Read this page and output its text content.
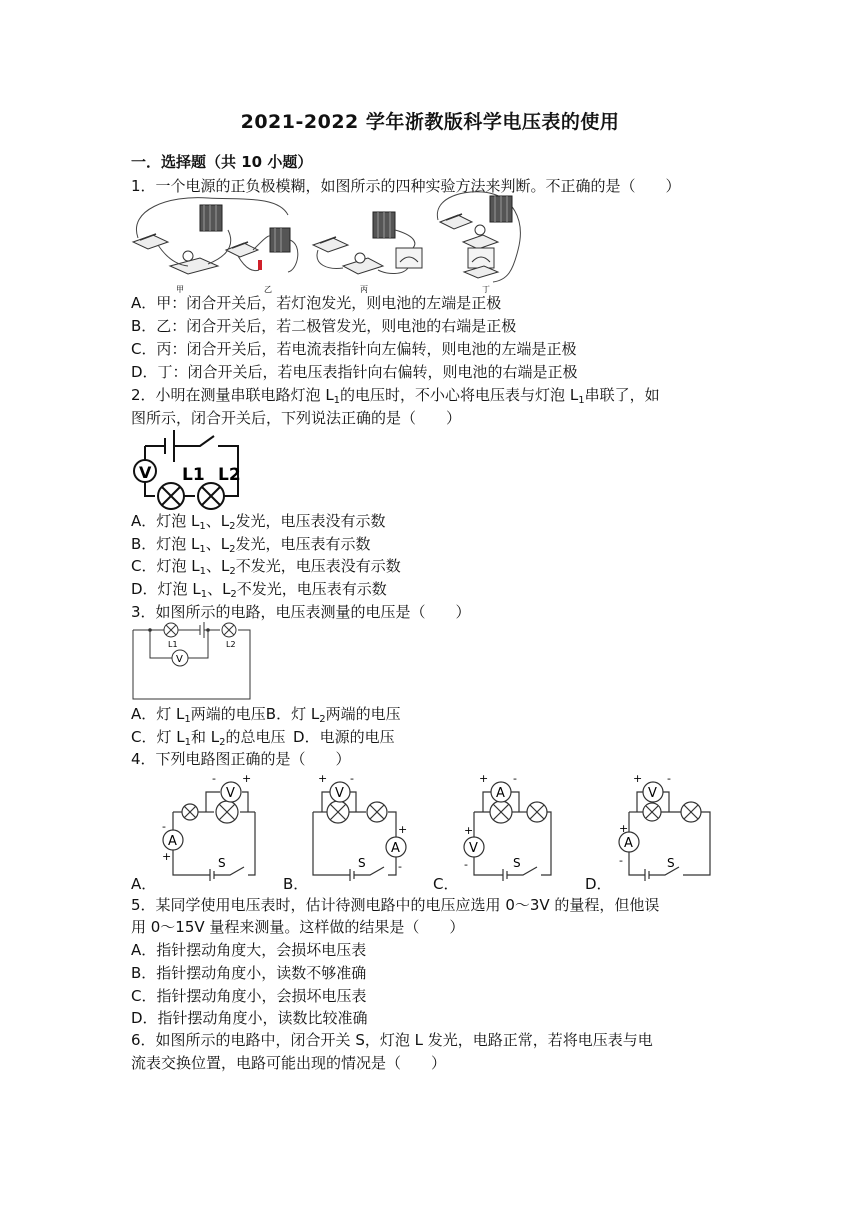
2021-2022 学年浙教版科学电压表的使用
一．选择题（共 10 小题）
1．一个电源的正负极模糊，如图所示的四种实验方法来判断。不正确的是（　　）
甲	乙	丙	丁
A．甲：闭合开关后，若灯泡发光，则电池的左端是正极
B．乙：闭合开关后，若二极管发光，则电池的右端是正极
C．丙：闭合开关后，若电流表指针向左偏转，则电池的左端是正极
D．丁：闭合开关后，若电压表指针向右偏转，则电池的右端是正极
2．小明在测量串联电路灯泡 $L_1$的电压时，不小心将电压表与灯泡 $L_1$串联了，如
图所示，闭合开关后，下列说法正确的是（　　）
V L1 L2
A．灯泡 $L_1$、$L_2$发光，电压表没有示数
B．灯泡 $L_1$、$L_2$发光，电压表有示数
C．灯泡 $L_1$、$L_2$不发光，电压表没有示数
D．灯泡 $L_1$、$L_2$不发光，电压表有示数
3．如图所示的电路，电压表测量的电压是（　　）
V
L1	L2
A．灯 $L_1$两端的电压B．灯 $L_2$两端的电压
C．灯 $L_1$和 $L_2$的总电压  D．电源的电压
4．下列电路图正确的是（　　）
V
A
- +
-
+	S
A．
V
A
+ -
+
-
S
B．
A
V
+ -
+
-	S
C．
V
A
+ -
+
-	S
D．
5．某同学使用电压表时，估计待测电路中的电压应选用 0～3V 的量程，但他误
用 0～15V 量程来测量。这样做的结果是（　　）
A．指针摆动角度大，会损坏电压表
B．指针摆动角度小，读数不够准确
C．指针摆动角度小，会损坏电压表
D．指针摆动角度小，读数比较准确
6．如图所示的电路中，闭合开关 S，灯泡 L 发光，电路正常，若将电压表与电
流表交换位置，电路可能出现的情况是（　　）
